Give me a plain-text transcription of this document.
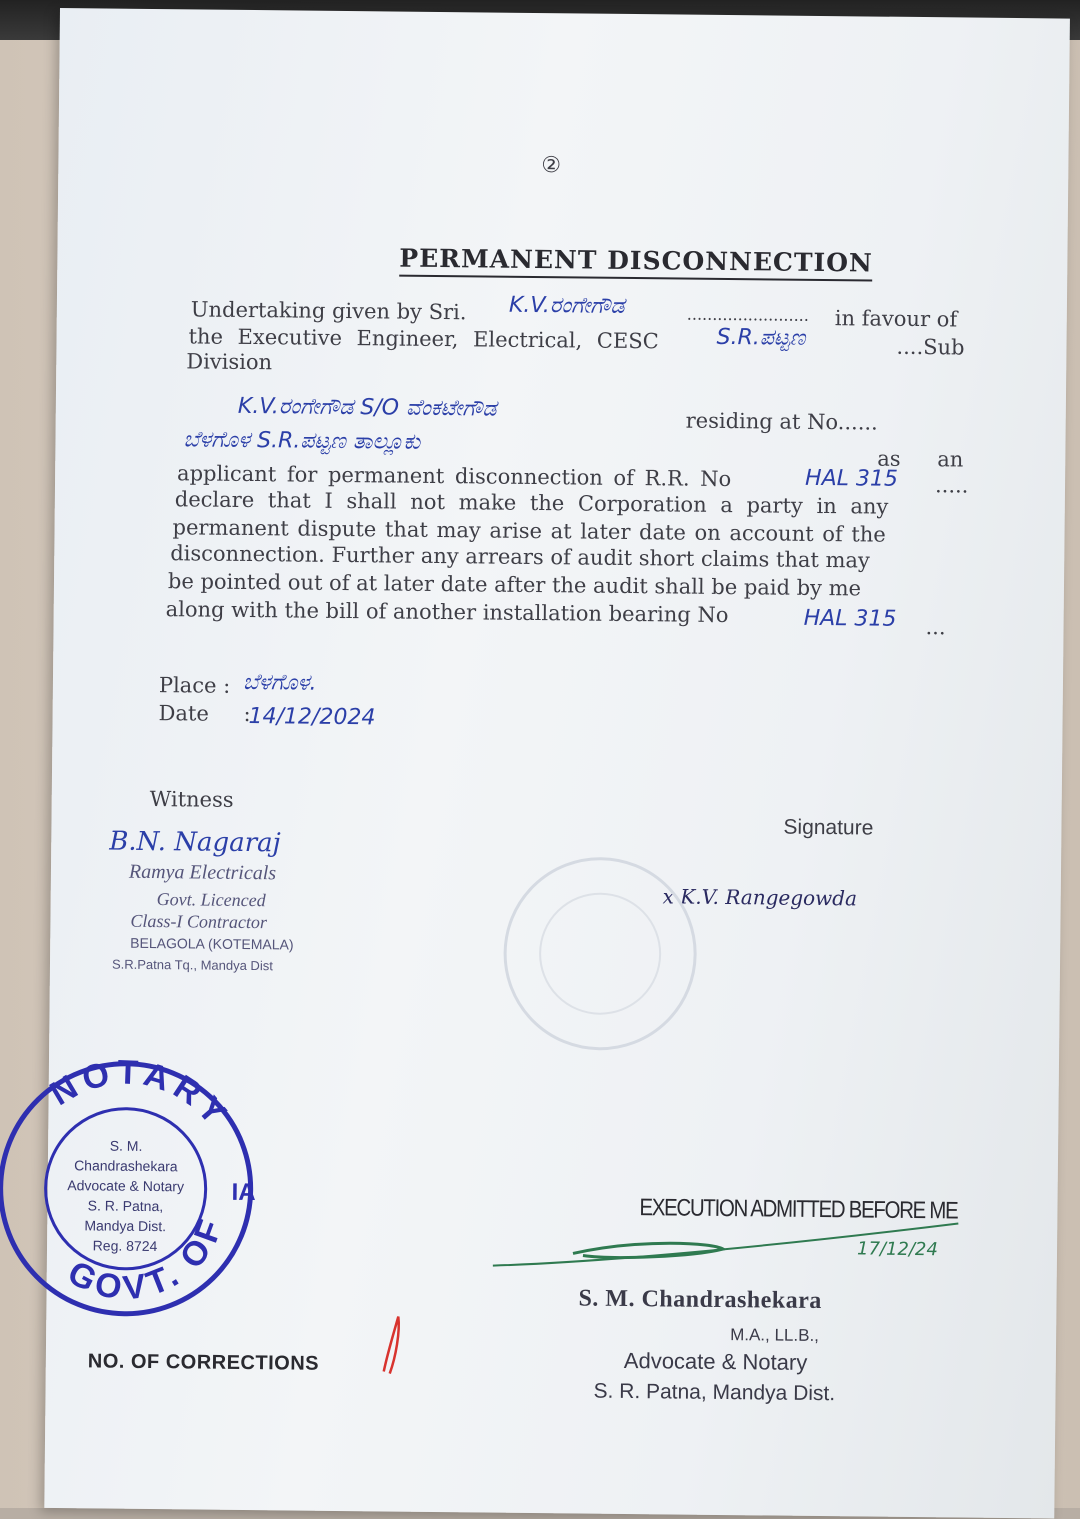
②
PERMANENT DISCONNECTION
Undertaking given by Sri. K.V.ರಂಗೇಗೌಡ	........................ in favour of
the Executive Engineer, Electrical, CESC	S.R.ಪಟ್ಟಣ	....Sub
Division
K.V.ರಂಗೇಗೌಡ S/O ವೆಂಕಟೇಗೌಡ	residing at No......
ಬೆಳಗೊಳ S.R.ಪಟ್ಟಣ ತಾಲ್ಲೂಕು
as an
applicant for permanent disconnection of R.R. No	HAL 315 .....
declare that I shall not make the Corporation a party in any
permanent dispute that may arise at later date on account of the
disconnection. Further any arrears of audit short claims that may
be pointed out of at later date after the audit shall be paid by me
along with the bill of another installation bearing No	HAL 315 ...
Place : ಬೆಳಗೊಳ.
Date :
14/12/2024
Witness
Signature
B.N. Nagaraj
Ramya Electricals
Govt. Licenced
Class-I Contractor
BELAGOLA (KOTEMALA)
S.R.Patna Tq., Mandya Dist
x K.V. Rangegowda
NOTARY
GOVT. OF
IA
S. M.
Chandrashekara
Advocate & Notary
S. R. Patna,
Mandya Dist.
Reg. 8724
EXECUTION ADMITTED BEFORE ME
17/12/24
S. M. Chandrashekara
M.A., LL.B.,
Advocate & Notary
S. R. Patna, Mandya Dist.
NO. OF CORRECTIONS
